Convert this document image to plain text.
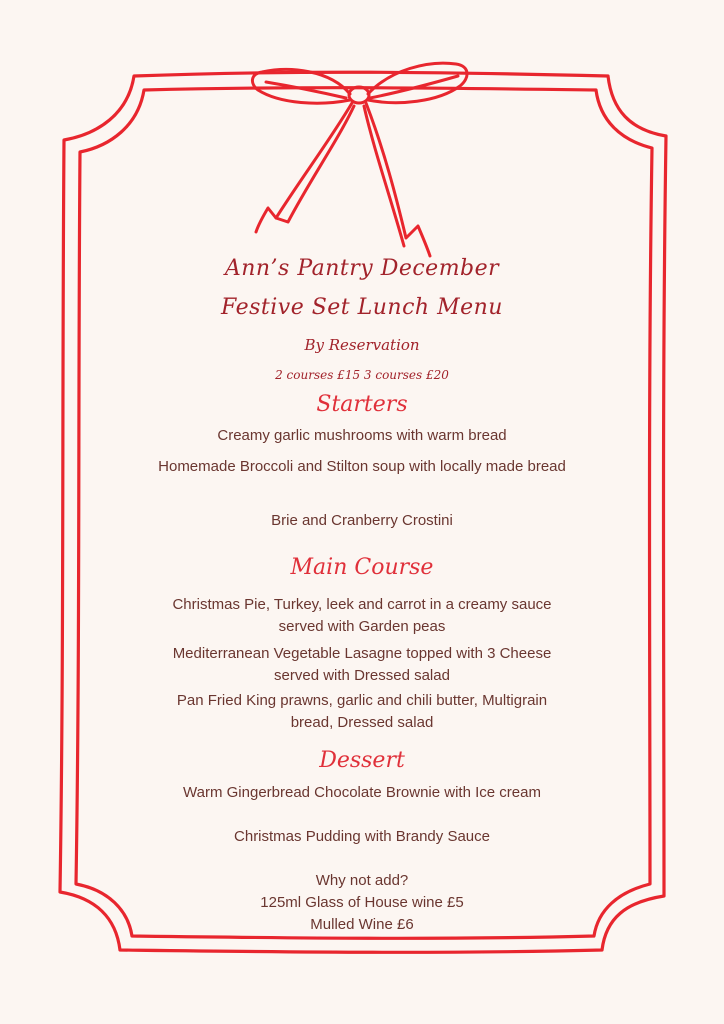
Ann’s Pantry December
Festive Set Lunch Menu
By Reservation
2 courses £15 3 courses £20
Starters
Creamy garlic mushrooms with warm bread
Homemade Broccoli and Stilton soup with locally made bread
Brie and Cranberry Crostini
Main Course
Christmas Pie, Turkey, leek and carrot in a creamy sauce served with Garden peas
Mediterranean Vegetable Lasagne topped with 3 Cheese served with Dressed salad
Pan Fried King prawns, garlic and chili butter, Multigrain bread, Dressed salad
Dessert
Warm Gingerbread Chocolate Brownie with Ice cream
Christmas Pudding with Brandy Sauce
Why not add?
125ml Glass of House wine £5
Mulled Wine £6
